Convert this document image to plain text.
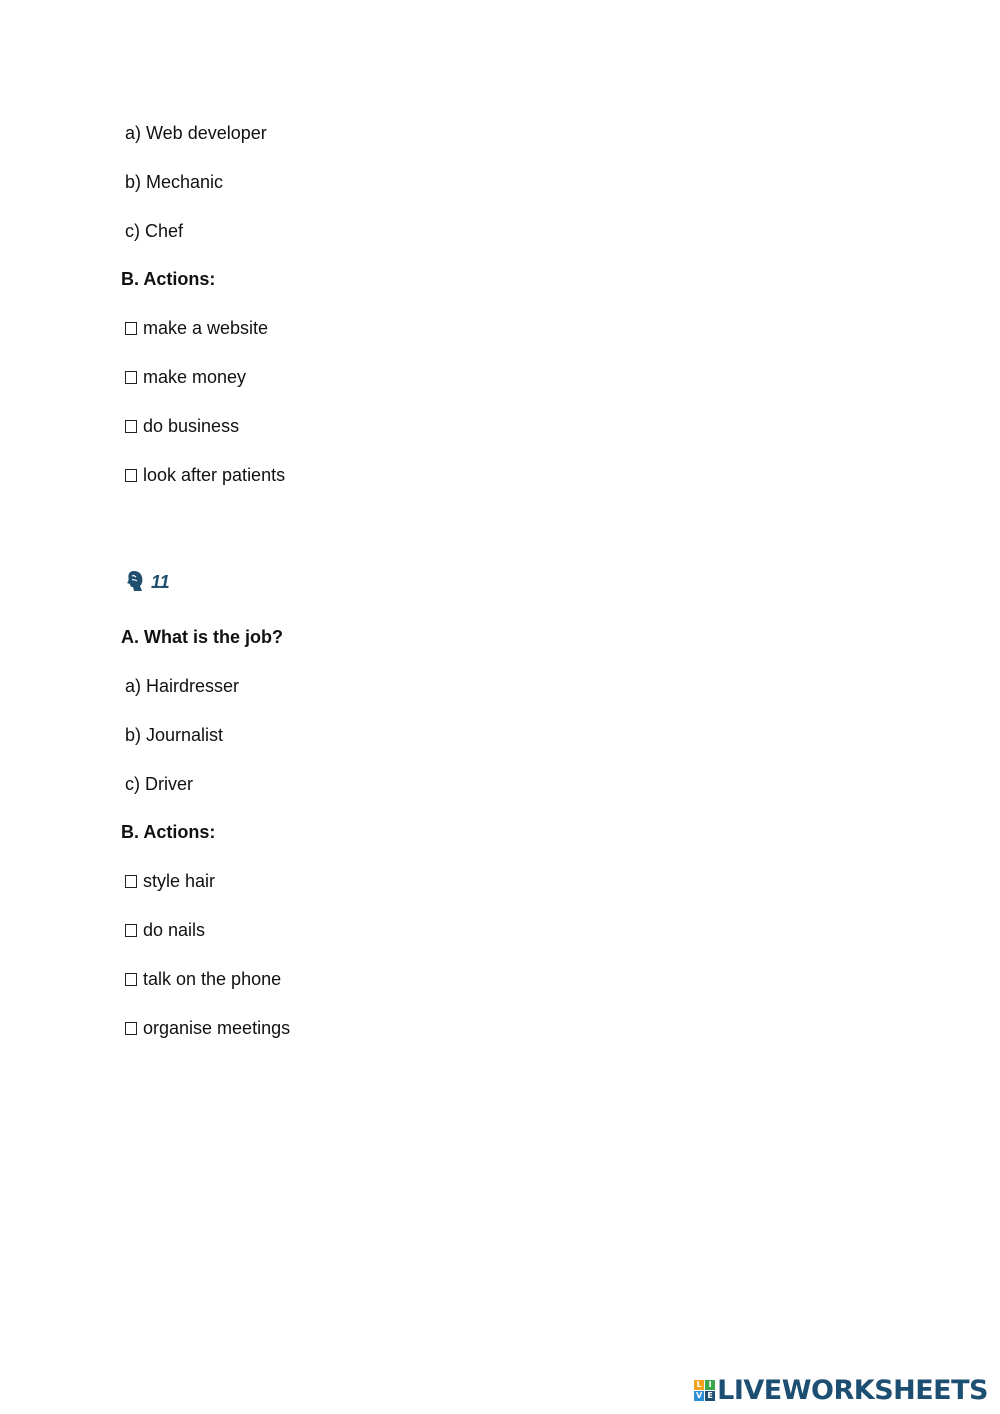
a) Web developer
b) Mechanic
c) Chef
B. Actions:
make a website
make money
do business
look after patients
11
A. What is the job?
a) Hairdresser
b) Journalist
c) Driver
B. Actions:
style hair
do nails
talk on the phone
organise meetings
L I
V E LIVEWORKSHEETS
